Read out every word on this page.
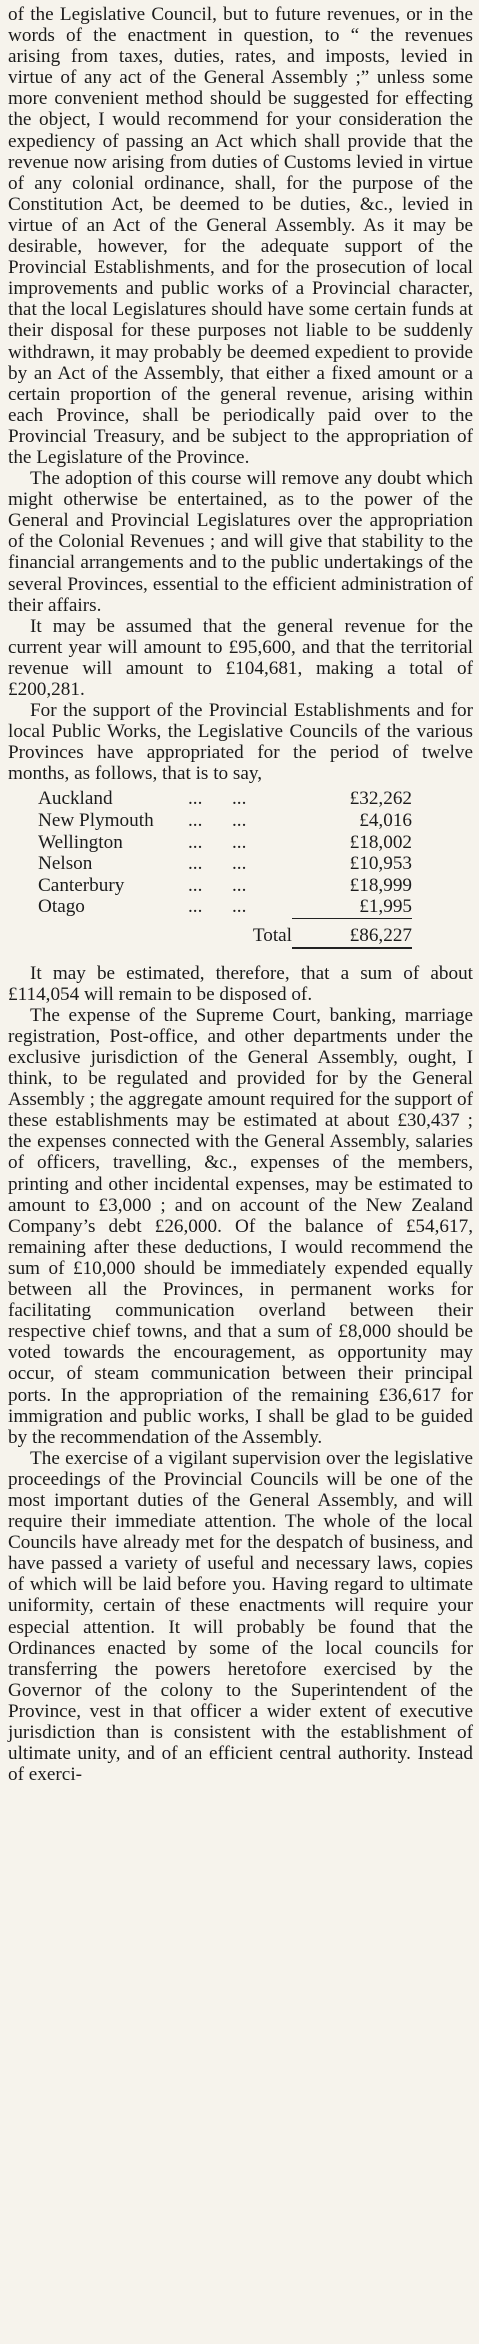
of the Legislative Council, but to future revenues, or in the words of the enactment in question, to “ the revenues arising from taxes, duties, rates, and imposts, levied in virtue of any act of the General Assembly ;” unless some more convenient method should be suggested for effecting the object, I would recommend for your consideration the expediency of passing an Act which shall provide that the revenue now arising from duties of Customs levied in virtue of any colonial ordinance, shall, for the purpose of the Constitution Act, be deemed to be duties, &c., levied in virtue of an Act of the General Assembly. As it may be desirable, however, for the adequate support of the Provincial Establishments, and for the prosecution of local improvements and public works of a Provincial character, that the local Legislatures should have some certain funds at their disposal for these purposes not liable to be suddenly withdrawn, it may probably be deemed expedient to provide by an Act of the Assembly, that either a fixed amount or a certain proportion of the general revenue, arising within each Province, shall be periodically paid over to the Provincial Treasury, and be subject to the appropriation of the Legislature of the Province.

The adoption of this course will remove any doubt which might otherwise be entertained, as to the power of the General and Provincial Legislatures over the appropriation of the Colonial Revenues ; and will give that stability to the financial arrangements and to the public undertakings of the several Provinces, essential to the efficient administration of their affairs.

It may be assumed that the general revenue for the current year will amount to £95,600, and that the territorial revenue will amount to £104,681, making a total of £200,281.

For the support of the Provincial Establishments and for local Public Works, the Legislative Councils of the various Provinces have appropriated for the period of twelve months, as follows, that is to say,

Auckland	...	...	£32,262
New Plymouth	...	...	£4,016
Wellington	...	...	£18,002
Nelson	...	...	£10,953
Canterbury	...	...	£18,999
Otago	...	...	£1,995
Total			£86,227

It may be estimated, therefore, that a sum of about £114,054 will remain to be disposed of.

The expense of the Supreme Court, banking, marriage registration, Post-office, and other departments under the exclusive jurisdiction of the General Assembly, ought, I think, to be regulated and provided for by the General Assembly ; the aggregate amount required for the support of these establishments may be estimated at about £30,437 ; the expenses connected with the General Assembly, salaries of officers, travelling, &c., expenses of the members, printing and other incidental expenses, may be estimated to amount to £3,000 ; and on account of the New Zealand Company’s debt £26,000. Of the balance of £54,617, remaining after these deductions, I would recommend the sum of £10,000 should be immediately expended equally between all the Provinces, in permanent works for facilitating communication overland between their respective chief towns, and that a sum of £8,000 should be voted towards the encouragement, as opportunity may occur, of steam communication between their principal ports. In the appropriation of the remaining £36,617 for immigration and public works, I shall be glad to be guided by the recommendation of the Assembly.

The exercise of a vigilant supervision over the legislative proceedings of the Provincial Councils will be one of the most important duties of the General Assembly, and will require their immediate attention. The whole of the local Councils have already met for the despatch of business, and have passed a variety of useful and necessary laws, copies of which will be laid before you. Having regard to ultimate uniformity, certain of these enactments will require your especial attention. It will probably be found that the Ordinances enacted by some of the local councils for transferring the powers heretofore exercised by the Governor of the colony to the Superintendent of the Province, vest in that officer a wider extent of executive jurisdiction than is consistent with the establishment of ultimate unity, and of an efficient central authority. Instead of exerci-
